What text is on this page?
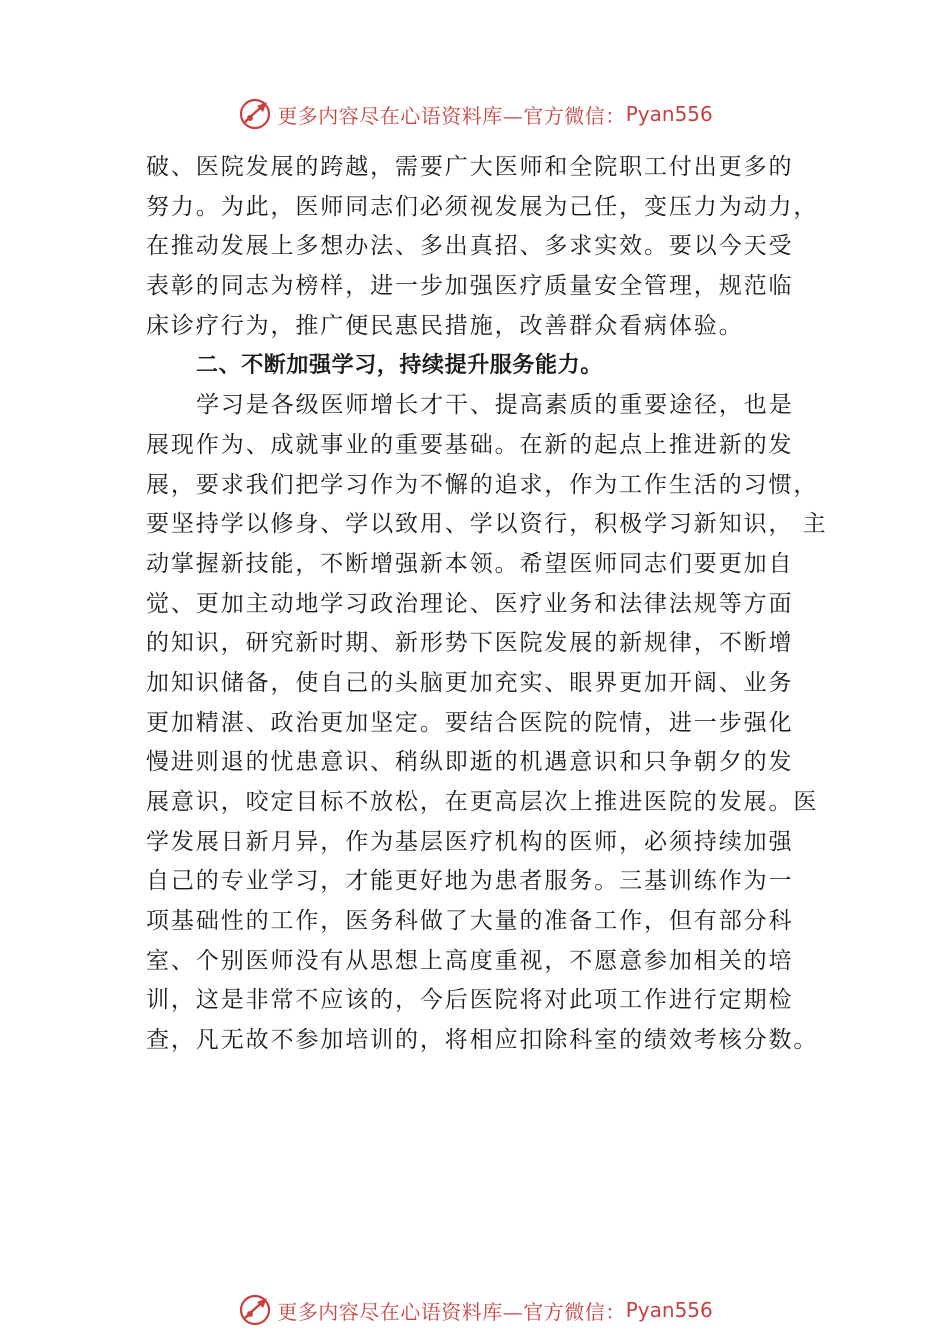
更多内容尽在心语资料库—官方微信： Pyan556
破、医院发展的跨越，需要广大医师和全院职工付出更多的
努力。为此，医师同志们必须视发展为己任，变压力为动力，
在推动发展上多想办法、多出真招、多求实效。要以今天受
表彰的同志为榜样，进一步加强医疗质量安全管理，规范临
床诊疗行为，推广便民惠民措施，改善群众看病体验。
二、不断加强学习，持续提升服务能力。
学习是各级医师增长才干、提高素质的重要途径，也是
展现作为、成就事业的重要基础。在新的起点上推进新的发
展，要求我们把学习作为不懈的追求，作为工作生活的习惯，
要坚持学以修身、学以致用、学以资行，积极学习新知识， 主
动掌握新技能，不断增强新本领。希望医师同志们要更加自
觉、更加主动地学习政治理论、医疗业务和法律法规等方面
的知识，研究新时期、新形势下医院发展的新规律，不断增
加知识储备，使自己的头脑更加充实、眼界更加开阔、业务
更加精湛、政治更加坚定。要结合医院的院情，进一步强化
慢进则退的忧患意识、稍纵即逝的机遇意识和只争朝夕的发
展意识，咬定目标不放松，在更高层次上推进医院的发展。医
学发展日新月异，作为基层医疗机构的医师，必须持续加强
自己的专业学习，才能更好地为患者服务。三基训练作为一
项基础性的工作，医务科做了大量的准备工作，但有部分科
室、个别医师没有从思想上高度重视，不愿意参加相关的培
训，这是非常不应该的，今后医院将对此项工作进行定期检
查，凡无故不参加培训的，将相应扣除科室的绩效考核分数。
更多内容尽在心语资料库—官方微信： Pyan556
